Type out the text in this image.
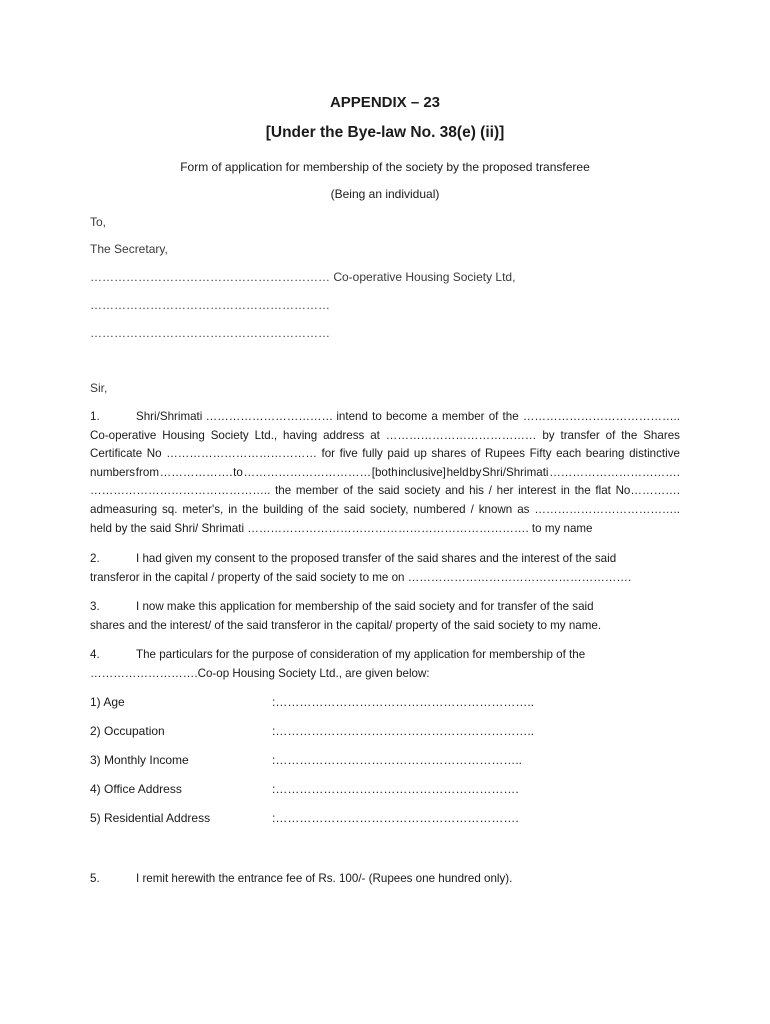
APPENDIX – 23
[Under the Bye-law No. 38(e) (ii)]
Form of application for membership of the society by the proposed transferee
(Being an individual)
To,
The Secretary,
…………………………………………………… Co-operative Housing Society Ltd,
……………………………………………………
……………………………………………………
Sir,
1.	Shri/Shrimati …………………………… intend to become a member of the …………………………………..
Co-operative Housing Society Ltd., having address at ………………………………… by transfer of the Shares
Certificate No ………………………………… for five fully paid up shares of Rupees Fifty each bearing distinctive
numbers from ………………. to …………………………… [both inclusive] held by Shri/Shrimati …………………………….
……………………………………….. the member of the said society and his / her interest in the flat No………….
admeasuring sq. meter's, in the building of the said society, numbered / known as ………………………………..
held by the said Shri/ Shrimati ………………………………………………………………. to my name
2.	I had given my consent to the proposed transfer of the said shares and the interest of the said
transferor in the capital / property of the said society to me on ………………………………………………….
3.	I now make this application for membership of the said society and for transfer of the said
shares and the interest/ of the said transferor in the capital/ property of the said society to my name.
4.	The particulars for the purpose of consideration of my application for membership of the
……………………….Co-op Housing Society Ltd., are given below:
1) Age	:………………………………………………………..
2) Occupation	:………………………………………………………..
3) Monthly Income	:……………………………………………………..
4) Office Address	:…………………………………………………….
5) Residential Address	:…………………………………………………….
5.	I remit herewith the entrance fee of Rs. 100/- (Rupees one hundred only).
